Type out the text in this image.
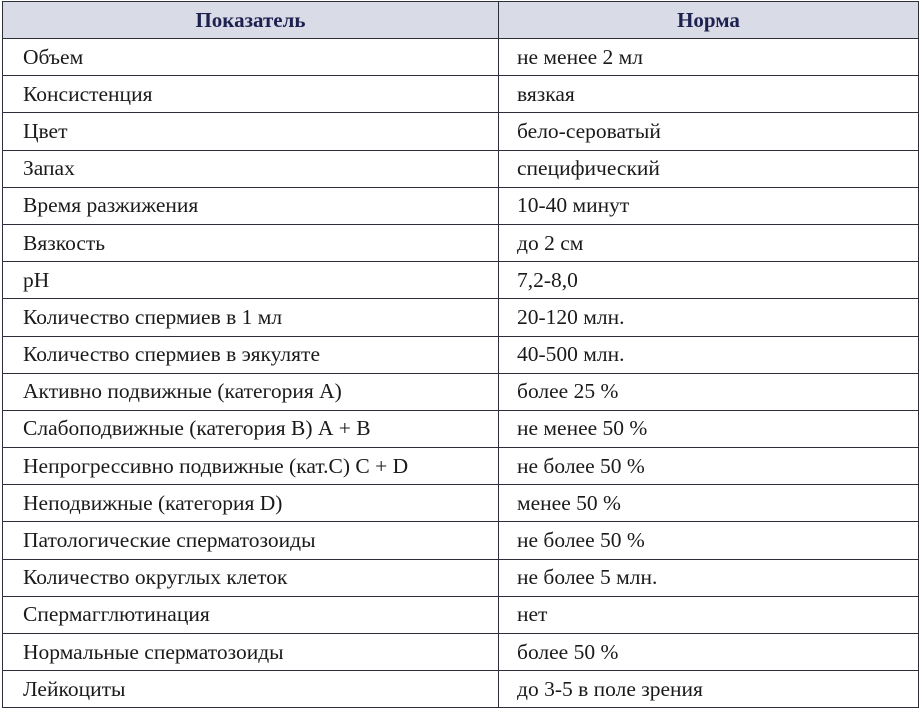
Показатель	Норма
Объем	не менее 2 мл
Консистенция	вязкая
Цвет	бело-сероватый
Запах	специфический
Время разжижения	10-40 минут
Вязкость	до 2 см
pH	7,2-8,0
Количество спермиев в 1 мл	20-120 млн.
Количество спермиев в эякуляте	40-500 млн.
Активно подвижные (категория А)	более 25 %
Слабоподвижные (категория В) А + В	не менее 50 %
Непрогрессивно подвижные (кат.С) С + D	не более 50 %
Неподвижные (категория D)	менее 50 %
Патологические сперматозоиды	не более 50 %
Количество округлых клеток	не более 5 млн.
Спермагглютинация	нет
Нормальные сперматозоиды	более 50 %
Лейкоциты	до 3-5 в поле зрения
